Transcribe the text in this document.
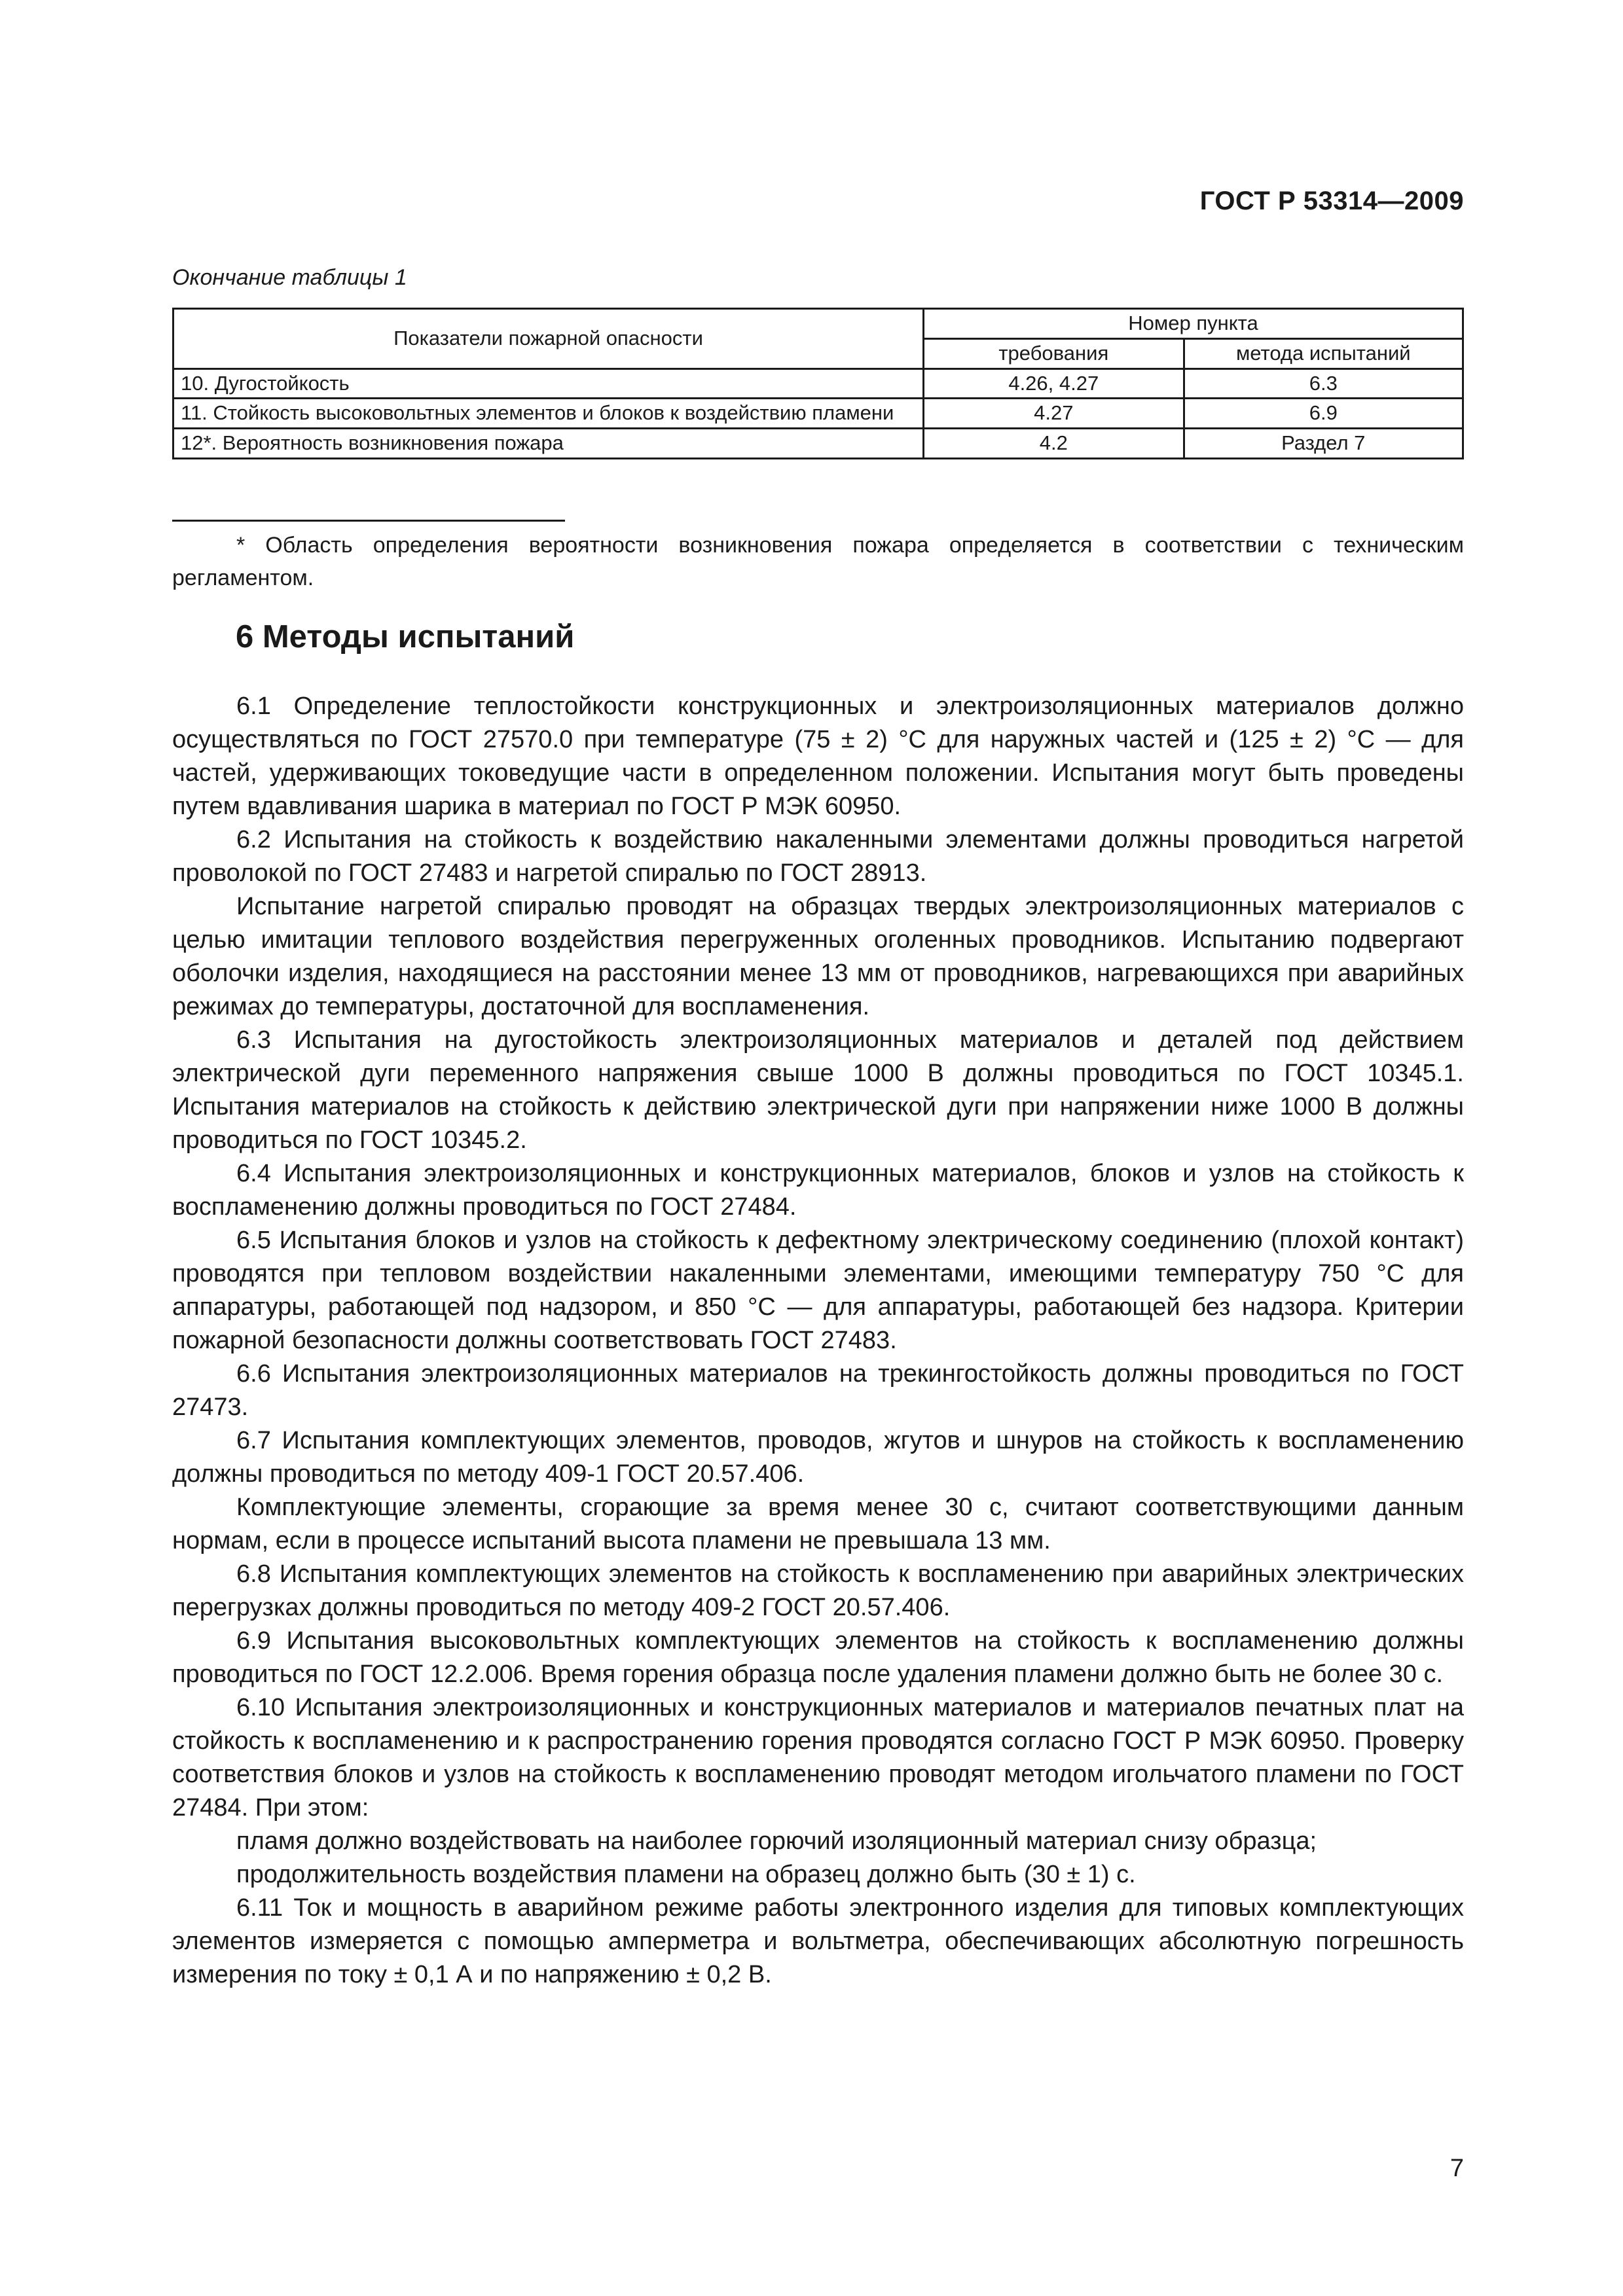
ГОСТ Р 53314—2009
Окончание таблицы 1
Показатели пожарной опасности	Номер пункта	
	требования	метода испытаний
10. Дугостойкость	4.26, 4.27	6.3
11. Стойкость высоковольтных элементов и блоков к воздействию пламени	4.27	6.9
12*. Вероятность возникновения пожара	4.2	Раздел 7
* Область определения вероятности возникновения пожара определяется в соответствии с техническим регламентом.
6 Методы испытаний

6.1 Определение теплостойкости конструкционных и электроизоляционных материалов должно осуществляться по ГОСТ 27570.0 при температуре (75 ± 2) °С для наружных частей и (125 ± 2) °С — для частей, удерживающих токоведущие части в определенном положении. Испытания могут быть проведены путем вдавливания шарика в материал по ГОСТ Р МЭК 60950.

6.2 Испытания на стойкость к воздействию накаленными элементами должны проводиться нагретой проволокой по ГОСТ 27483 и нагретой спиралью по ГОСТ 28913.

Испытание нагретой спиралью проводят на образцах твердых электроизоляционных материалов с целью имитации теплового воздействия перегруженных оголенных проводников. Испытанию подвергают оболочки изделия, находящиеся на расстоянии менее 13 мм от проводников, нагревающихся при аварийных режимах до температуры, достаточной для воспламенения.

6.3 Испытания на дугостойкость электроизоляционных материалов и деталей под действием электрической дуги переменного напряжения свыше 1000 В должны проводиться по ГОСТ 10345.1. Испытания материалов на стойкость к действию электрической дуги при напряжении ниже 1000 В должны проводиться по ГОСТ 10345.2.

6.4 Испытания электроизоляционных и конструкционных материалов, блоков и узлов на стойкость к воспламенению должны проводиться по ГОСТ 27484.

6.5 Испытания блоков и узлов на стойкость к дефектному электрическому соединению (плохой контакт) проводятся при тепловом воздействии накаленными элементами, имеющими температуру 750 °С для аппаратуры, работающей под надзором, и 850 °С — для аппаратуры, работающей без надзора. Критерии пожарной безопасности должны соответствовать ГОСТ 27483.

6.6 Испытания электроизоляционных материалов на трекингостойкость должны проводиться по ГОСТ 27473.

6.7 Испытания комплектующих элементов, проводов, жгутов и шнуров на стойкость к воспламенению должны проводиться по методу 409-1 ГОСТ 20.57.406.

Комплектующие элементы, сгорающие за время менее 30 с, считают соответствующими данным нормам, если в процессе испытаний высота пламени не превышала 13 мм.

6.8 Испытания комплектующих элементов на стойкость к воспламенению при аварийных электрических перегрузках должны проводиться по методу 409-2 ГОСТ 20.57.406.

6.9 Испытания высоковольтных комплектующих элементов на стойкость к воспламенению должны проводиться по ГОСТ 12.2.006. Время горения образца после удаления пламени должно быть не более 30 с.

6.10 Испытания электроизоляционных и конструкционных материалов и материалов печатных плат на стойкость к воспламенению и к распространению горения проводятся согласно ГОСТ Р МЭК 60950. Проверку соответствия блоков и узлов на стойкость к воспламенению проводят методом игольчатого пламени по ГОСТ 27484. При этом:

пламя должно воздействовать на наиболее горючий изоляционный материал снизу образца;

продолжительность воздействия пламени на образец должно быть (30 ± 1) с.

6.11 Ток и мощность в аварийном режиме работы электронного изделия для типовых комплектующих элементов измеряется с помощью амперметра и вольтметра, обеспечивающих абсолютную погрешность измерения по току ± 0,1 А и по напряжению ± 0,2 В.

7
